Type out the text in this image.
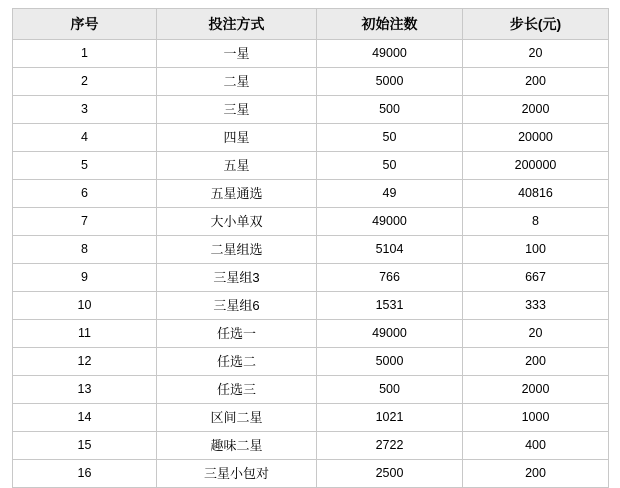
序号	投注方式	初始注数	步长(元)
1	一星	49000	20
2	二星	5000	200
3	三星	500	2000
4	四星	50	20000
5	五星	50	200000
6	五星通选	49	40816
7	大小单双	49000	8
8	二星组选	5104	100
9	三星组3	766	667
10	三星组6	1531	333
11	任选一	49000	20
12	任选二	5000	200
13	任选三	500	2000
14	区间二星	1021	1000
15	趣味二星	2722	400
16	三星小包对	2500	200
